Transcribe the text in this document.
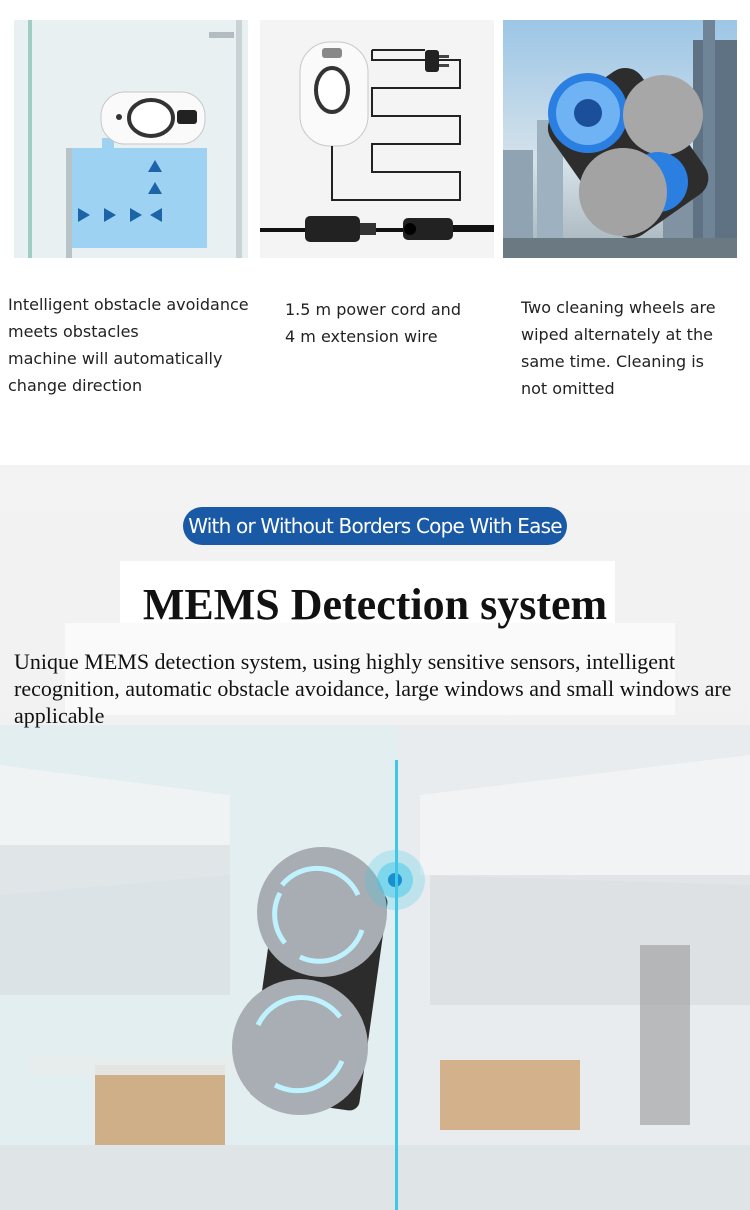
Intelligent obstacle avoidance
meets obstacles
machine will automatically
change direction
1.5 m power cord and
4 m extension wire
Two cleaning wheels are
wiped alternately at the
same time. Cleaning is
not omitted
With or Without Borders Cope With Ease
MEMS Detection system

Unique MEMS detection system, using highly sensitive sensors, intelligent recognition, automatic obstacle avoidance, large windows and small windows are applicable
